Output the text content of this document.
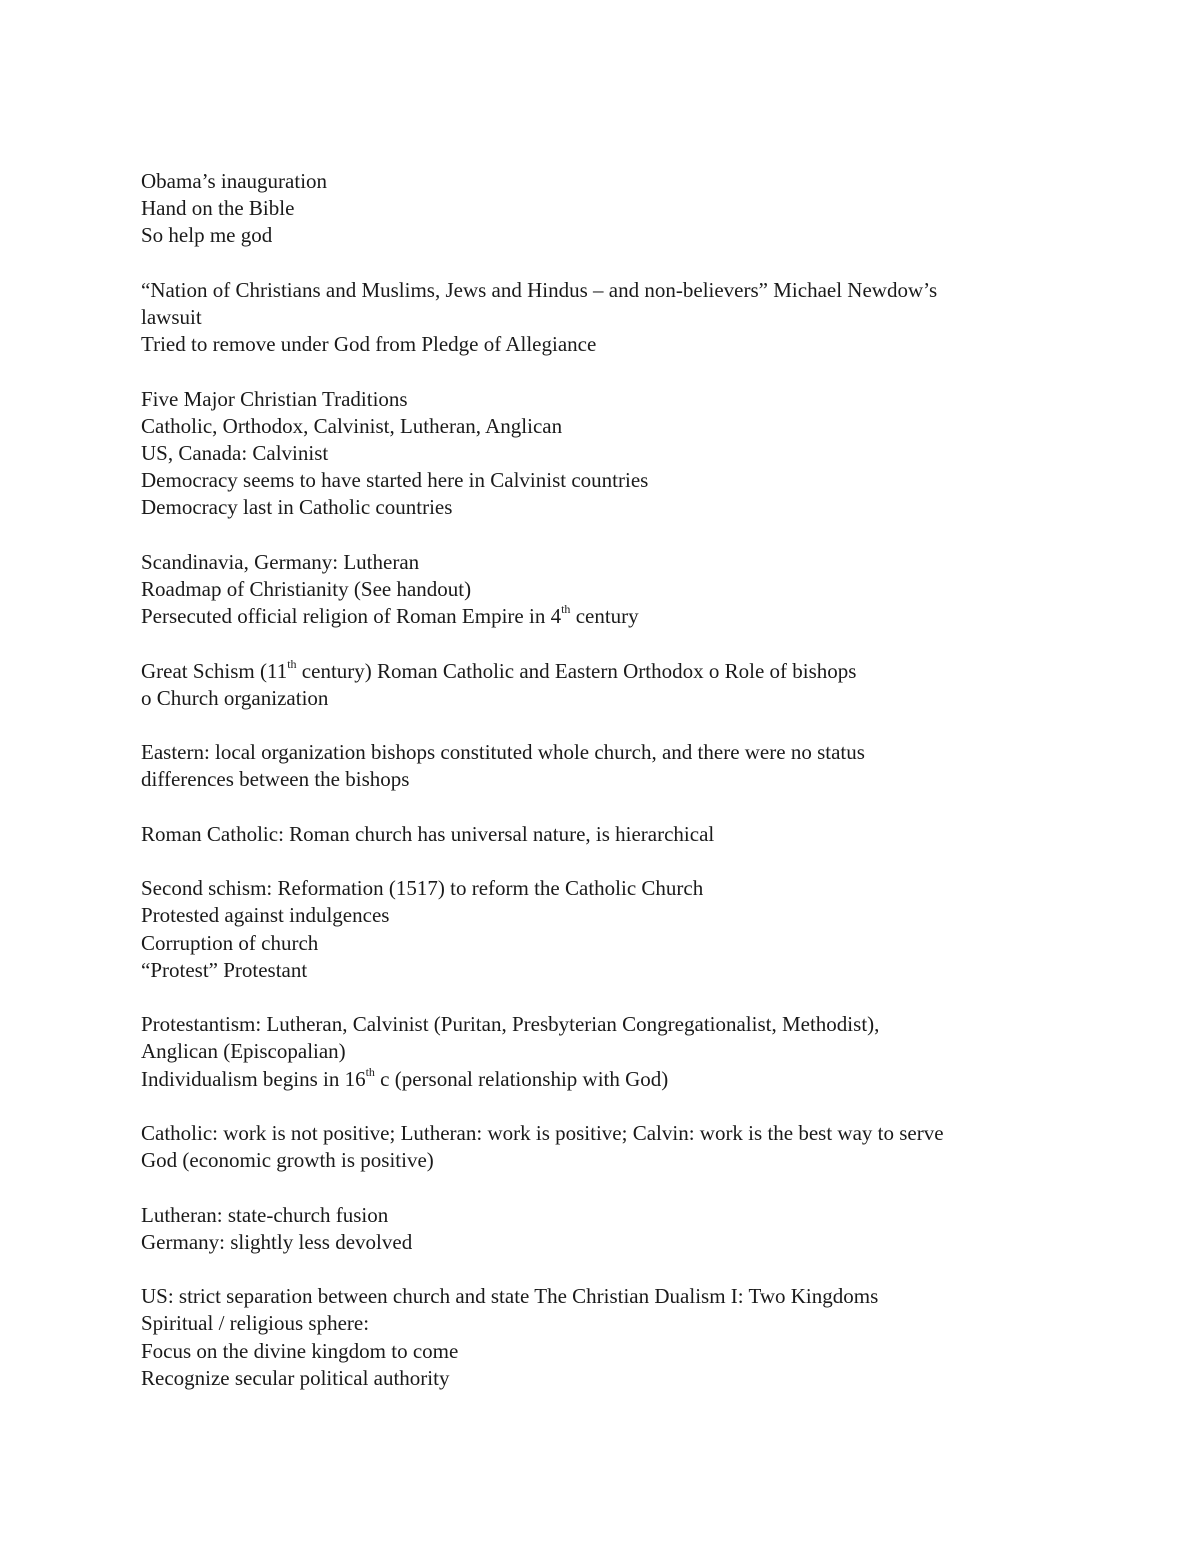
Obama’s inauguration
Hand on the Bible
So help me god
“Nation of Christians and Muslims, Jews and Hindus – and non-believers” Michael Newdow’s
lawsuit
Tried to remove under God from Pledge of Allegiance
Five Major Christian Traditions
Catholic, Orthodox, Calvinist, Lutheran, Anglican
US, Canada: Calvinist
Democracy seems to have started here in Calvinist countries
Democracy last in Catholic countries
Scandinavia, Germany: Lutheran
Roadmap of Christianity (See handout)
Persecuted official religion of Roman Empire in 4th century
Great Schism (11th century) Roman Catholic and Eastern Orthodox o Role of bishops
o Church organization
Eastern: local organization bishops constituted whole church, and there were no status
differences between the bishops
Roman Catholic: Roman church has universal nature, is hierarchical
Second schism: Reformation (1517) to reform the Catholic Church
Protested against indulgences
Corruption of church
“Protest” Protestant
Protestantism: Lutheran, Calvinist (Puritan, Presbyterian Congregationalist, Methodist),
Anglican (Episcopalian)
Individualism begins in 16th c (personal relationship with God)
Catholic: work is not positive; Lutheran: work is positive; Calvin: work is the best way to serve
God (economic growth is positive)
Lutheran: state-church fusion
Germany: slightly less devolved
US: strict separation between church and state The Christian Dualism I: Two Kingdoms
Spiritual / religious sphere:
Focus on the divine kingdom to come
Recognize secular political authority
